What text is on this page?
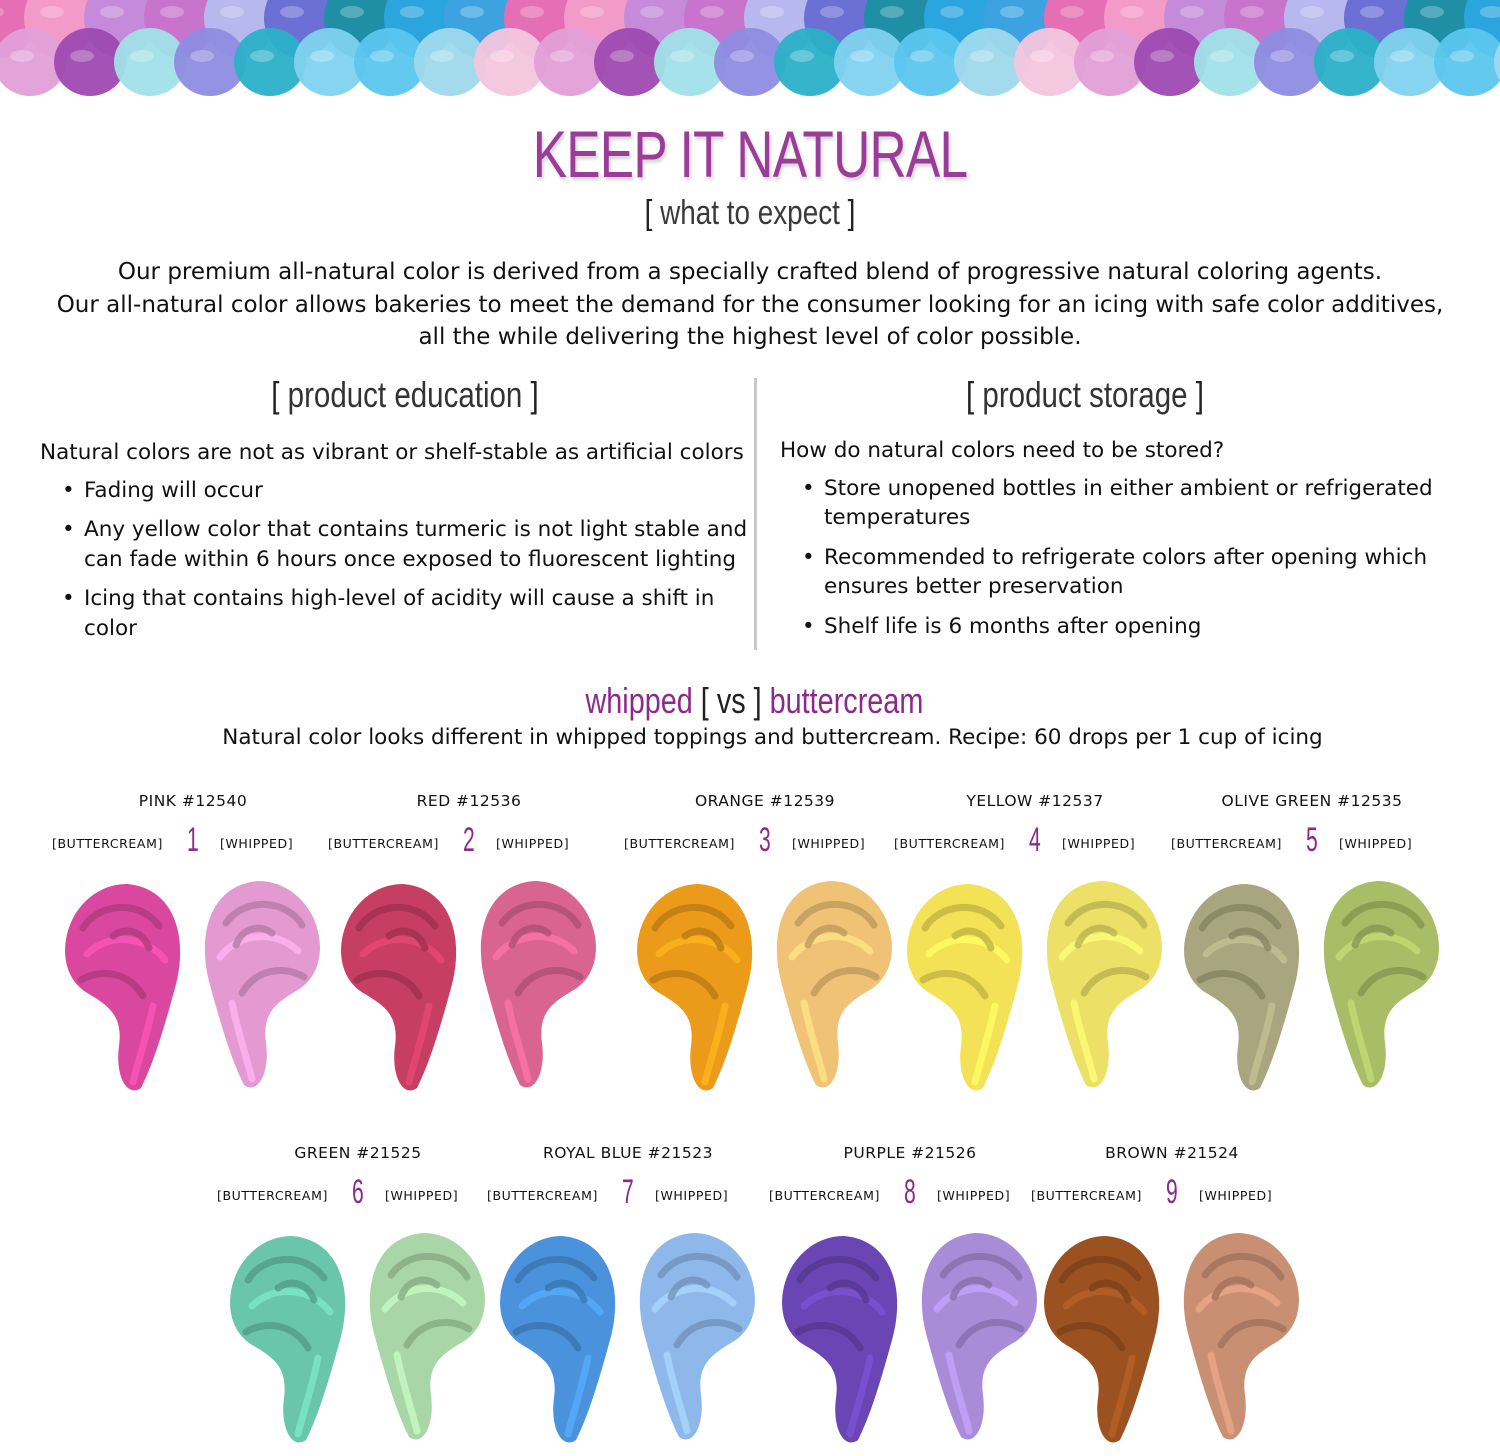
KEEP IT NATURAL
[ what to expect ]
Our premium all-natural color is derived from a specially crafted blend of progressive natural coloring agents.
Our all-natural color allows bakeries to meet the demand for the consumer looking for an icing with safe color additives,
all the while delivering the highest level of color possible.
[ product education ]	[ product storage ]

Natural colors are not as vibrant or shelf-stable as artificial colors

• Fading will occur
• Any yellow color that contains turmeric is not light stable and can fade within 6 hours once exposed to fluorescent lighting
• Icing that contains high-level of acidity will cause a shift in color

How do natural colors need to be stored?

• Store unopened bottles in either ambient or refrigerated temperatures
• Recommended to refrigerate colors after opening which ensures better preservation
• Shelf life is 6 months after opening
whipped [ vs ] buttercream
Natural color looks different in whipped toppings and buttercream. Recipe: 60 drops per 1 cup of icing
PINK #12540
[BUTTERCREAM] 1 [WHIPPED]
RED #12536
[BUTTERCREAM] 2 [WHIPPED]
ORANGE #12539
[BUTTERCREAM] 3 [WHIPPED]
YELLOW #12537
[BUTTERCREAM] 4 [WHIPPED]
OLIVE GREEN #12535
[BUTTERCREAM] 5 [WHIPPED]
GREEN #21525
[BUTTERCREAM] 6 [WHIPPED]
ROYAL BLUE #21523
[BUTTERCREAM] 7 [WHIPPED]
PURPLE #21526
[BUTTERCREAM] 8 [WHIPPED]
BROWN #21524
[BUTTERCREAM] 9 [WHIPPED]
